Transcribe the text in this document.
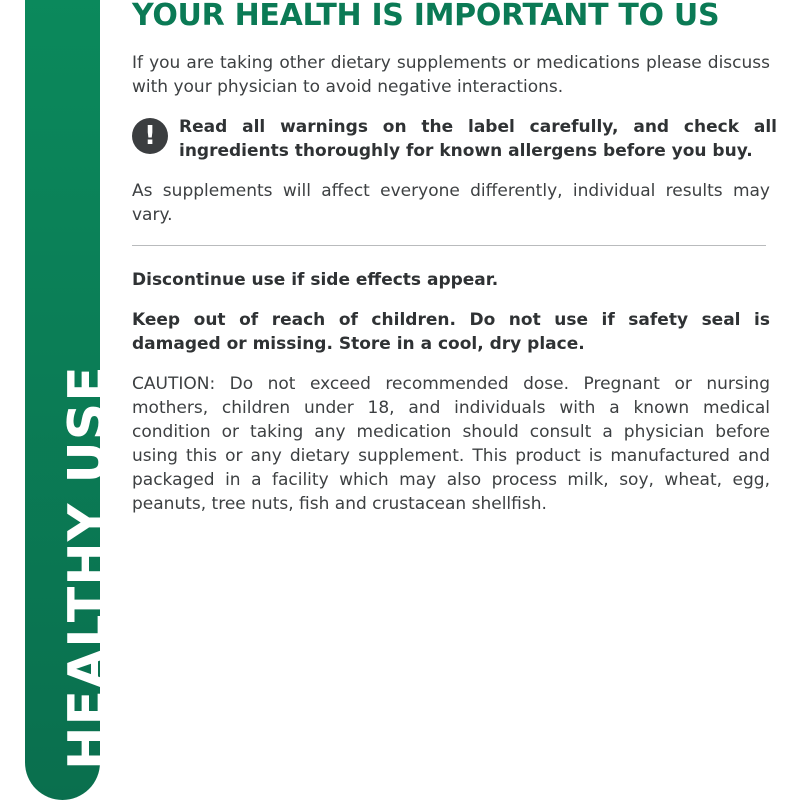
HEALTHY USE
YOUR HEALTH IS IMPORTANT TO US

If you are taking other dietary supplements or medications please discuss with your physician to avoid negative interactions.

!	Read all warnings on the label carefully, and check all ingredients thoroughly for known allergens before you buy.

As supplements will affect everyone differently, individual results may vary.

Discontinue use if side effects appear.

Keep out of reach of children. Do not use if safety seal is damaged or missing. Store in a cool, dry place.

CAUTION: Do not exceed recommended dose. Pregnant or nursing mothers, children under 18, and individuals with a known medical condition or taking any medication should consult a physician before using this or any dietary supplement. This product is manufactured and packaged in a facility which may also process milk, soy, wheat, egg, peanuts, tree nuts, fish and crustacean shellfish.
